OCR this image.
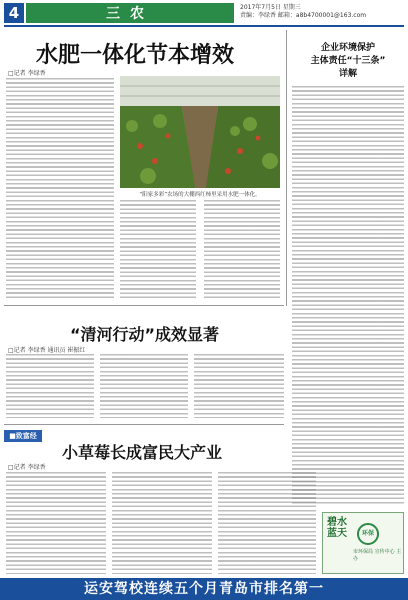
4	三农	2017年7月5日 星期三
责编：李绿香 邮箱：a8b4700001@163.com
水肥一体化节本增效
□记者 李绿香
“阳家多彩”农场的大棚西红柿里采用水肥一体化。
企业环境保护
主体责任“十三条”
详解
“清河行动”成效显著
□记者 李绿香 通讯员 崔振红
■致富经
小草莓长成富民大产业
□记者 李绿香
碧水蓝天	环保
市环保局 宣传中心 主办
运安驾校连续五个月青岛市排名第一
